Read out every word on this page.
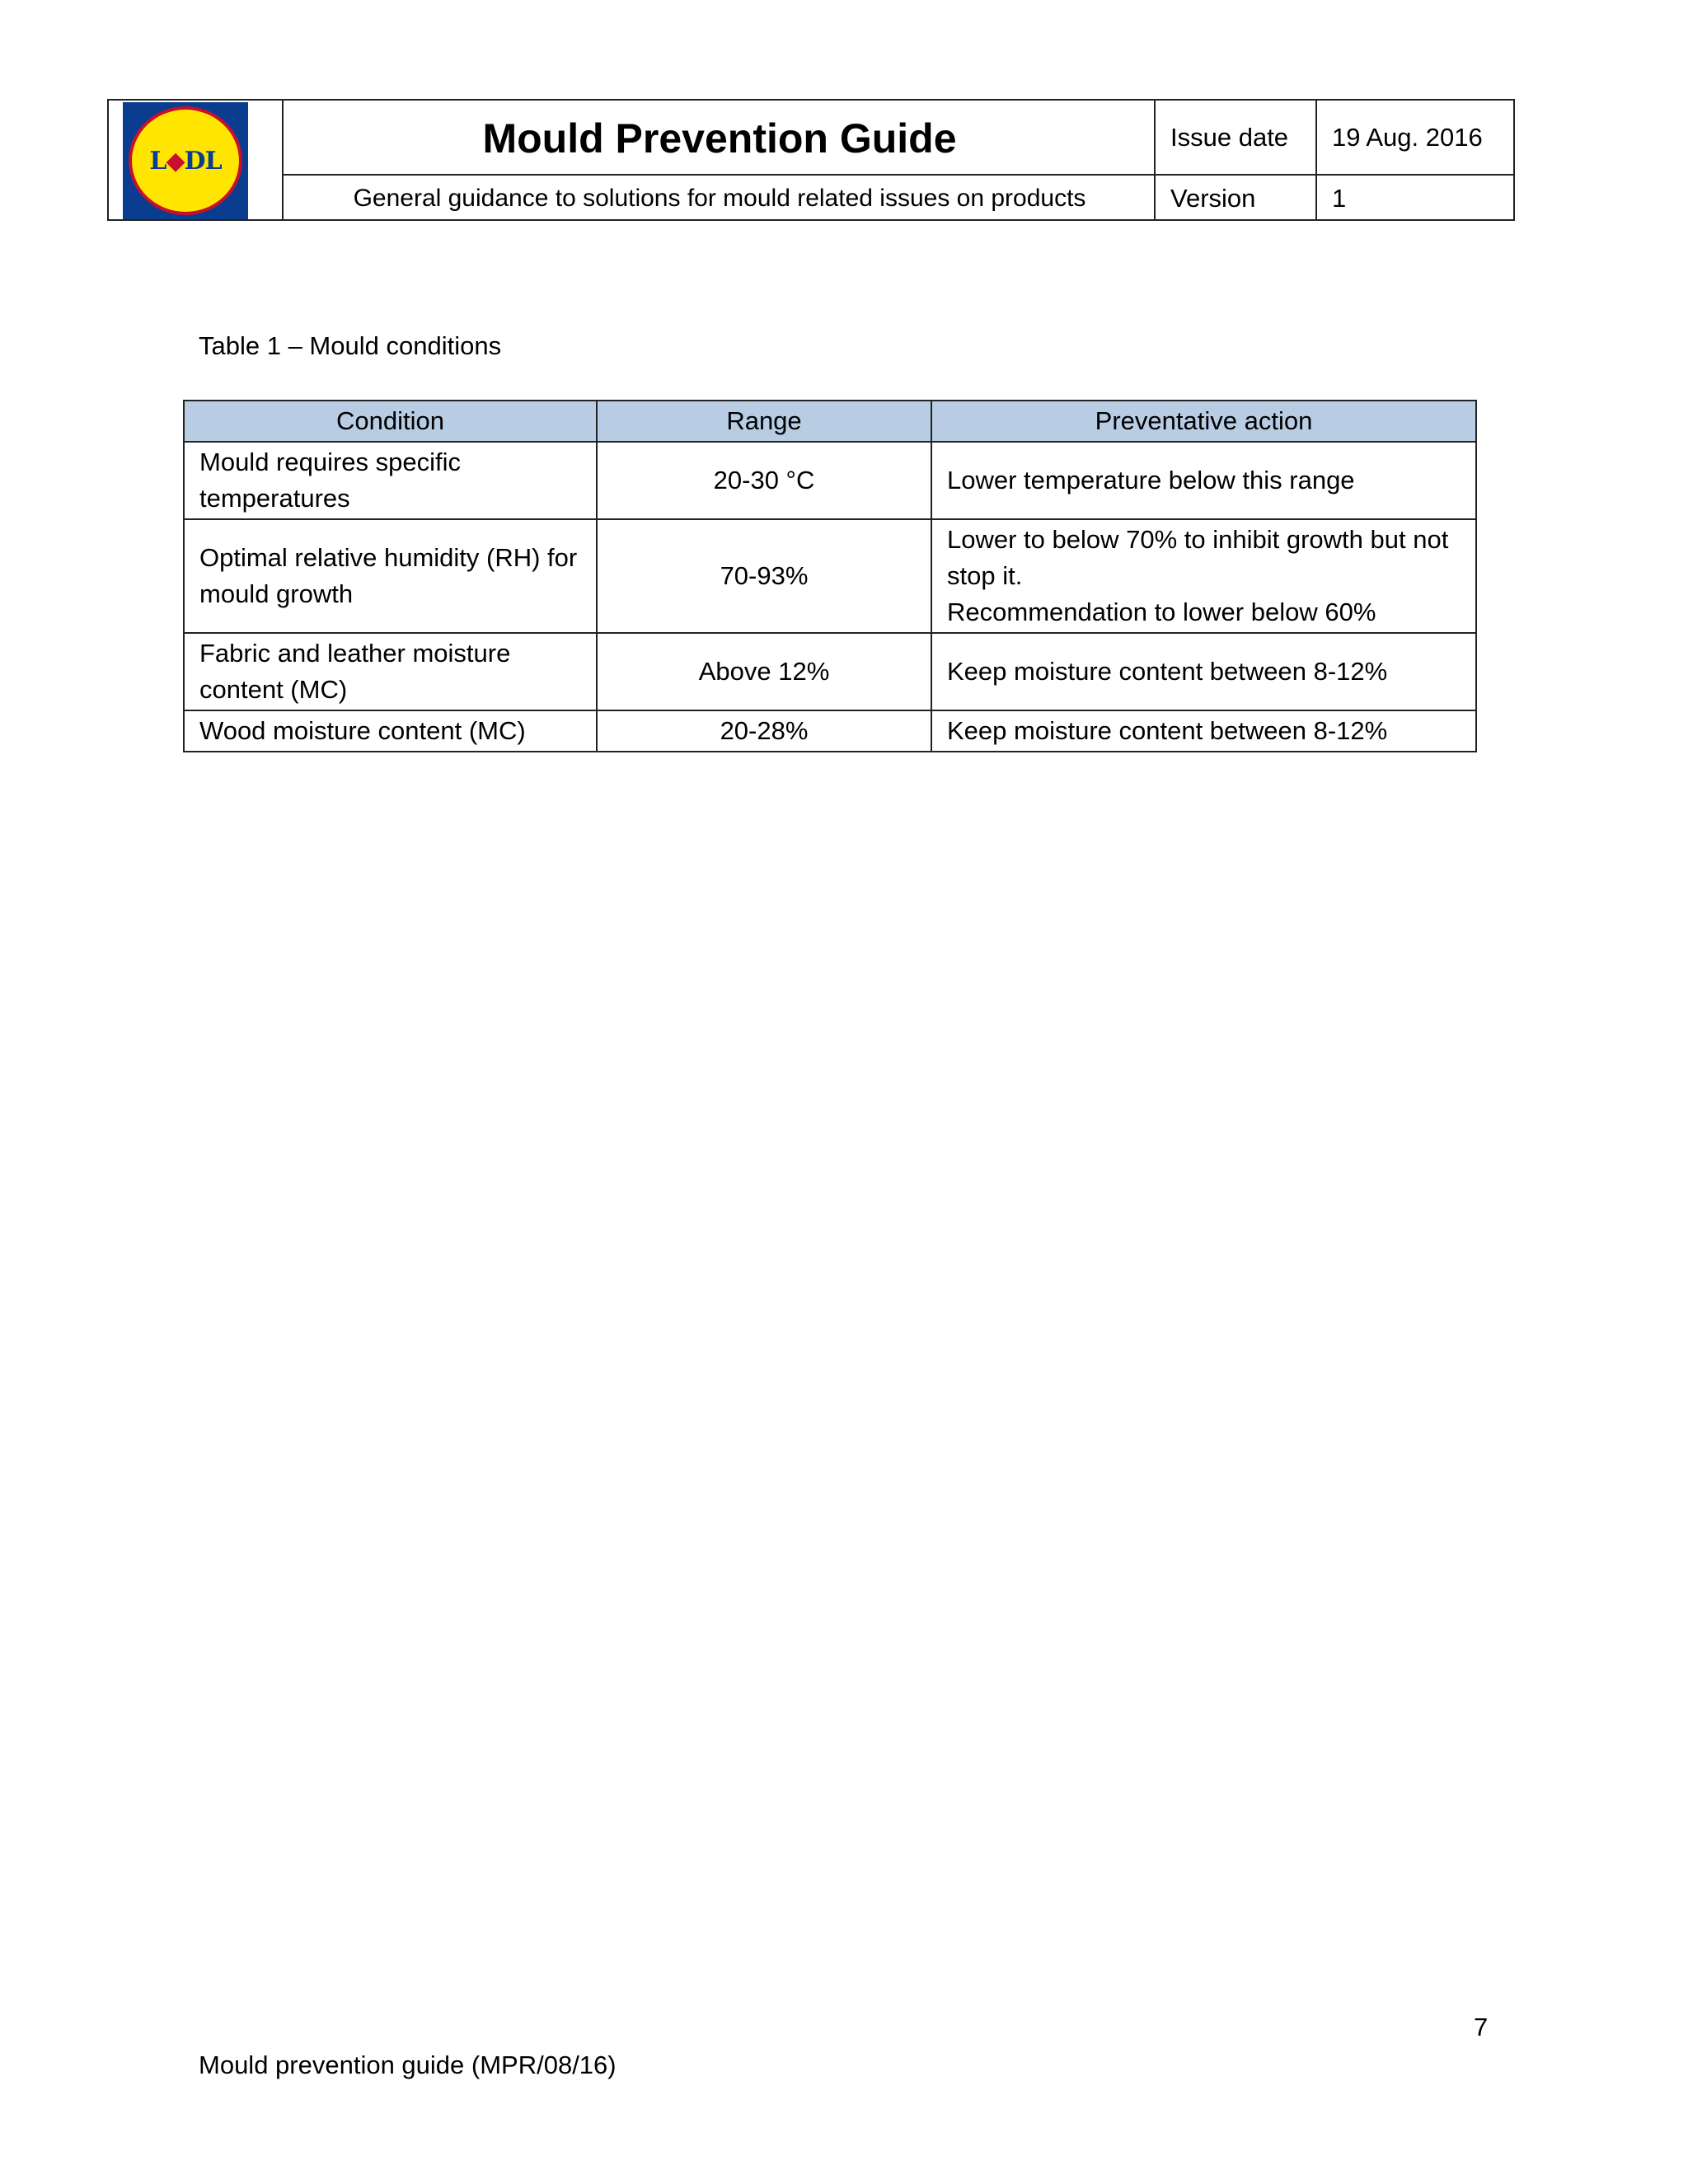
L ◆ DL	Mould Prevention Guide
General guidance to solutions for mould related issues on products
Issue date	19 Aug. 2016
Version	1
Table 1 – Mould conditions
Condition	Range	Preventative action
Mould requires specific temperatures	20-30 °C	Lower temperature below this range
Optimal relative humidity (RH) for mould growth	70-93%	Lower to below 70% to inhibit growth but not stop it.
Recommendation to lower below 60%

Fabric and leather moisture content (MC)	Above 12%	Keep moisture content between 8-12%
Wood moisture content (MC)	20-28%	Keep moisture content between 8-12%
7
Mould prevention guide (MPR/08/16)
